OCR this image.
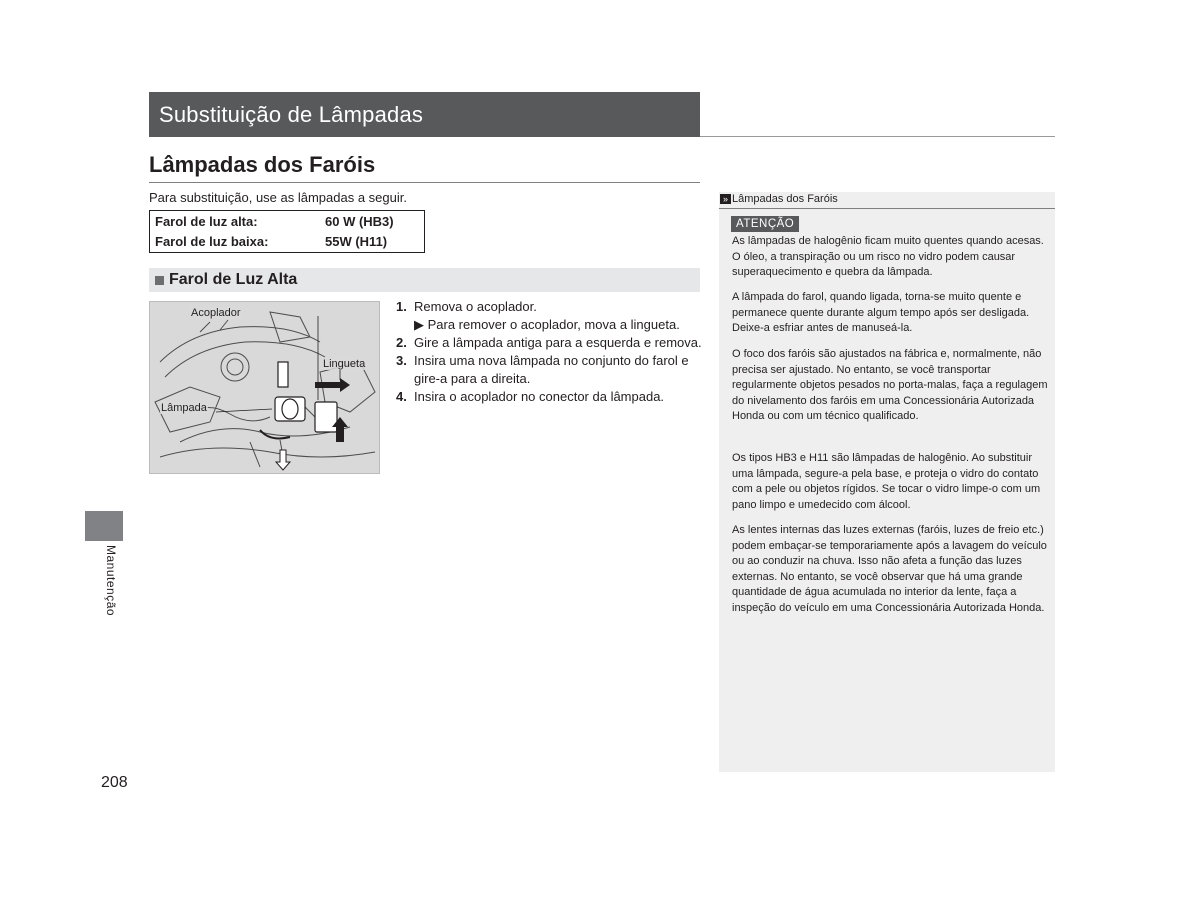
Substituição de Lâmpadas
Lâmpadas dos Faróis
Para substituição, use as lâmpadas a seguir.
Farol de luz alta:	60 W (HB3)
Farol de luz baixa:	55W (H11)
Farol de Luz Alta
Acoplador
Lingueta
Lâmpada
1. Remova o acoplador.
▶ Para remover o acoplador, mova a lingueta.
2. Gire a lâmpada antiga para a esquerda e remova.
3. Insira uma nova lâmpada no conjunto do farol e
gire-a para a direita.
4. Insira o acoplador no conector da lâmpada.
» Lâmpadas dos Faróis
ATENÇÃO
As lâmpadas de halogênio ficam muito quentes quando acesas. O óleo, a transpiração ou um risco no vidro podem causar superaquecimento e quebra da lâmpada.
A lâmpada do farol, quando ligada, torna-se muito quente e permanece quente durante algum tempo após ser desligada. Deixe-a esfriar antes de manuseá-la.
O foco dos faróis são ajustados na fábrica e, normalmente, não precisa ser ajustado. No entanto, se você transportar regularmente objetos pesados no porta-malas, faça a regulagem do nivelamento dos faróis em uma Concessionária Autorizada Honda ou com um técnico qualificado.
Os tipos HB3 e H11 são lâmpadas de halogênio. Ao substituir uma lâmpada, segure-a pela base, e proteja o vidro do contato com a pele ou objetos rígidos. Se tocar o vidro limpe-o com um pano limpo e umedecido com álcool.
As lentes internas das luzes externas (faróis, luzes de freio etc.) podem embaçar-se temporariamente após a lavagem do veículo ou ao conduzir na chuva. Isso não afeta a função das luzes externas. No entanto, se você observar que há uma grande quantidade de água acumulada no interior da lente, faça a inspeção do veículo em uma Concessionária Autorizada Honda.
Manutenção
208
